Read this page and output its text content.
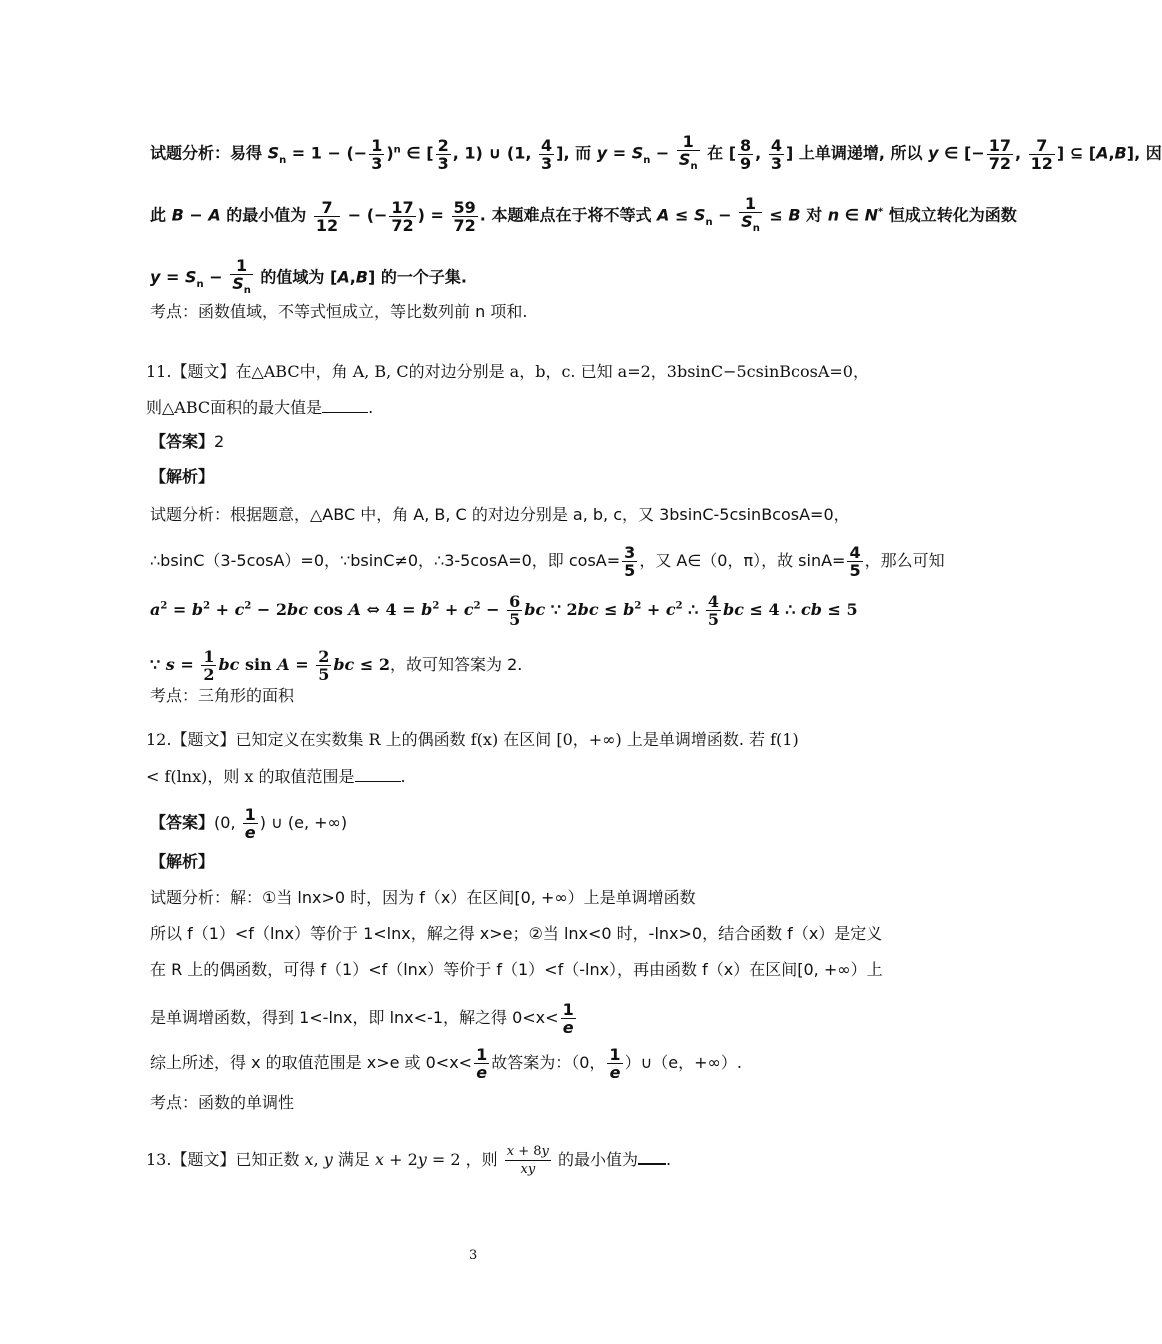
试题分析：易得 $S_n = 1$ − (− $\frac{1}{3} )^n$ ∈ [ $\frac{2}{3}$ , 1) ∪ (1, $\frac{4}{3}$ ], 而 $y = S_n - \frac{1}{S_n}$ 在 [ $\frac{8}{9}$ , $\frac{4}{3}$ ] 上单调递增, 所以 y ∈ [− $\frac{17}{72}$ , $\frac{7}{12}$ ] ⊆ [A,B], 因
此 B − A 的最小值为 $\frac{7}{12}$ − (− $\frac{17}{72}$ ) = $\frac{59}{72}$ . 本题难点在于将不等式 $A \le S_n - \frac{1}{S_n} \le B$ 对 n ∈ N* 恒成立转化为函数
$y = S_n - \frac{1}{S_n}$ 的值域为 [A,B] 的一个子集.
考点：函数值域，不等式恒成立，等比数列前 n 项和.
11.【题文】在△ABC中，角 A, B, C的对边分别是 a，b，c. 已知 a=2，3bsinC−5csinBcosA=0，
则△ABC面积的最大值是	.
【答案】2
【解析】
试题分析：根据题意，△ABC 中，角 A, B, C 的对边分别是 a, b, c，又 3bsinC-5csinBcosA=0，
∴bsinC（3-5cosA）=0，∵bsinC≠0，∴3-5cosA=0，即 $\cos A= \frac{3}{5}$ ，又 A∈（0，π），故 $\sin A= \frac{4}{5}$ ，那么可知
$a^2 = b^2 + c^2 - 2bc$ cos A ⇔ $4 = b^2 + c^2 - \frac{6}{5}$ bc ∵ $2bc \le b^2 + c^2$ ∴ $\frac{4}{5}$ bc ≤ 4 ∴ cb ≤ 5
∵ $s = \frac{1}{2}$ bc $\sin A = \frac{2}{5}$ bc ≤ 2，故可知答案为 2.
考点：三角形的面积
12.【题文】已知定义在实数集 R 上的偶函数 f(x) 在区间 [0，+∞) 上是单调增函数. 若 f(1)
< f(lnx)，则 x 的取值范围是	.
【答案】(0, $\frac{1}{e}$ ) ∪ (e, +∞)
【解析】
试题分析：解：①当 lnx>0 时，因为 f（x）在区间[0, +∞）上是单调增函数
所以 f（1）<f（lnx）等价于 1<lnx，解之得 x>e；②当 lnx<0 时，-lnx>0，结合函数 f（x）是定义
在 R 上的偶函数，可得 f（1）<f（lnx）等价于 f（1）<f（-lnx），再由函数 f（x）在区间[0, +∞）上
是单调增函数，得到 1<-lnx，即 lnx<-1，解之得 $0<x< \frac{1}{e}$
综上所述，得 x 的取值范围是 x>e 或 $0<x< \frac{1}{e}$ 故答案为：（0， $\frac{1}{e}$ ）∪（e，+∞）.
考点：函数的单调性
13.【题文】已知正数 x, y 满足 x + 2y = 2 ，则 $\frac{x + 8y}{xy}$ 的最小值为 .
3
